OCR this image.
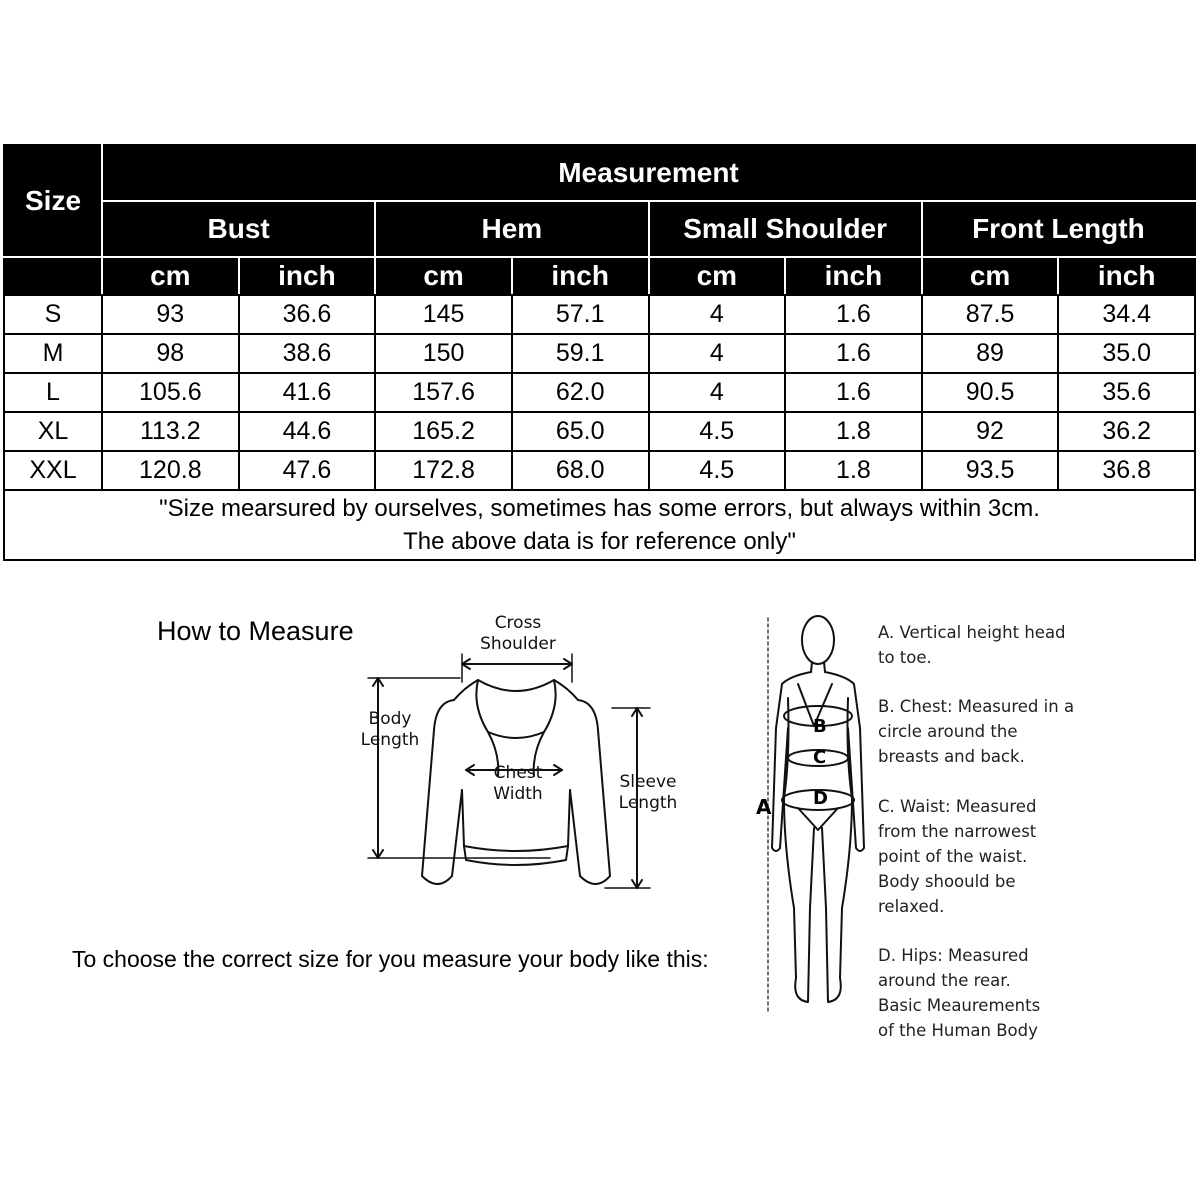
Size	Measurement							
	Bust		Hem		Small Shoulder		Front Length	
	cm	inch	cm	inch	cm	inch	cm	inch
S	93	36.6	145	57.1	4	1.6	87.5	34.4
M	98	38.6	150	59.1	4	1.6	89	35.0
L	105.6	41.6	157.6	62.0	4	1.6	90.5	35.6
XL	113.2	44.6	165.2	65.0	4.5	1.8	92	36.2
XXL	120.8	47.6	172.8	68.0	4.5	1.8	93.5	36.8

"Size mearsured by ourselves, sometimes has some errors, but always within 3cm.
The above data is for reference only"								
How to Measure
To choose the correct size for you measure your body like this:
Cross
Shoulder
Body
Length
Chest
Width
Sleeve
Length	A
B
C
D
A. Vertical height head
to toe.
B. Chest: Measured in a
circle around the
breasts and back.
C. Waist: Measured
from the narrowest
point of the waist.
Body shoould be
relaxed.
D. Hips: Measured
around the rear.
Basic Meaurements
of the Human Body
